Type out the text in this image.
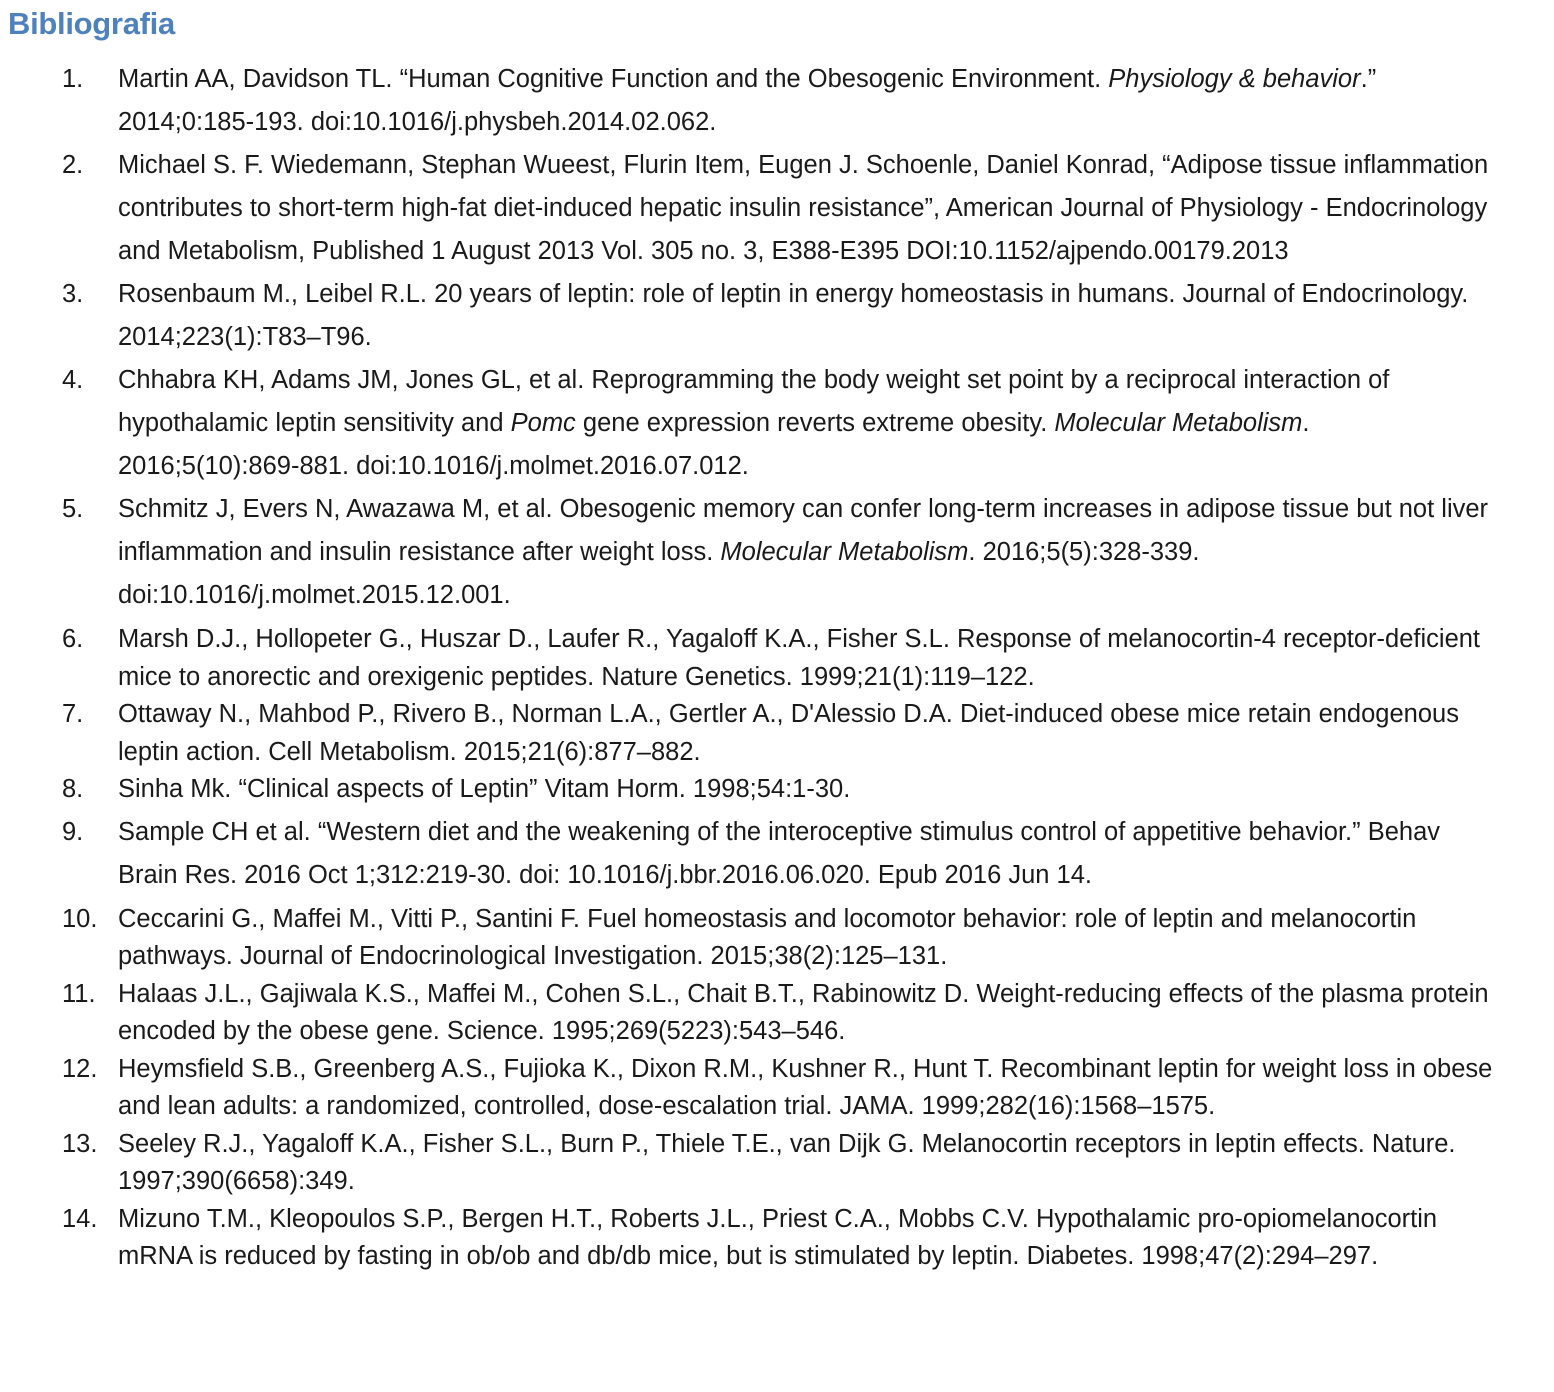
Bibliografia
1.	Martin AA, Davidson TL. “Human Cognitive Function and the Obesogenic Environment. Physiology & behavior.” 2014;0:185-193. doi:10.1016/j.physbeh.2014.02.062.
2.	Michael S. F. Wiedemann, Stephan Wueest, Flurin Item, Eugen J. Schoenle, Daniel Konrad, “Adipose tissue inflammation contributes to short-term high-fat diet-induced hepatic insulin resistance”, American Journal of Physiology - Endocrinology and Metabolism, Published 1 August 2013 Vol. 305 no. 3, E388-E395 DOI:10.1152/ajpendo.00179.2013
3.	Rosenbaum M., Leibel R.L. 20 years of leptin: role of leptin in energy homeostasis in humans. Journal of Endocrinology. 2014;223(1):T83–T96.
4.	Chhabra KH, Adams JM, Jones GL, et al. Reprogramming the body weight set point by a reciprocal interaction of hypothalamic leptin sensitivity and Pomc gene expression reverts extreme obesity. Molecular Metabolism. 2016;5(10):869-881. doi:10.1016/j.molmet.2016.07.012.
5.	Schmitz J, Evers N, Awazawa M, et al. Obesogenic memory can confer long-term increases in adipose tissue but not liver inflammation and insulin resistance after weight loss. Molecular Metabolism. 2016;5(5):328-339. doi:10.1016/j.molmet.2015.12.001.
6.	Marsh D.J., Hollopeter G., Huszar D., Laufer R., Yagaloff K.A., Fisher S.L. Response of melanocortin-4 receptor-deficient mice to anorectic and orexigenic peptides. Nature Genetics. 1999;21(1):119–122.
7.	Ottaway N., Mahbod P., Rivero B., Norman L.A., Gertler A., D'Alessio D.A. Diet-induced obese mice retain endogenous leptin action. Cell Metabolism. 2015;21(6):877–882.
8.	Sinha Mk. “Clinical aspects of Leptin” Vitam Horm. 1998;54:1-30.
9.	Sample CH et al. “Western diet and the weakening of the interoceptive stimulus control of appetitive behavior.” Behav Brain Res. 2016 Oct 1;312:219-30. doi: 10.1016/j.bbr.2016.06.020. Epub 2016 Jun 14.
10. Ceccarini G., Maffei M., Vitti P., Santini F. Fuel homeostasis and locomotor behavior: role of leptin and melanocortin pathways. Journal of Endocrinological Investigation. 2015;38(2):125–131.
11. Halaas J.L., Gajiwala K.S., Maffei M., Cohen S.L., Chait B.T., Rabinowitz D. Weight-reducing effects of the plasma protein encoded by the obese gene. Science. 1995;269(5223):543–546.
12. Heymsfield S.B., Greenberg A.S., Fujioka K., Dixon R.M., Kushner R., Hunt T. Recombinant leptin for weight loss in obese and lean adults: a randomized, controlled, dose-escalation trial. JAMA. 1999;282(16):1568–1575.
13. Seeley R.J., Yagaloff K.A., Fisher S.L., Burn P., Thiele T.E., van Dijk G. Melanocortin receptors in leptin effects. Nature. 1997;390(6658):349.
14. Mizuno T.M., Kleopoulos S.P., Bergen H.T., Roberts J.L., Priest C.A., Mobbs C.V. Hypothalamic pro-opiomelanocortin mRNA is reduced by fasting in ob/ob and db/db mice, but is stimulated by leptin. Diabetes. 1998;47(2):294–297.
